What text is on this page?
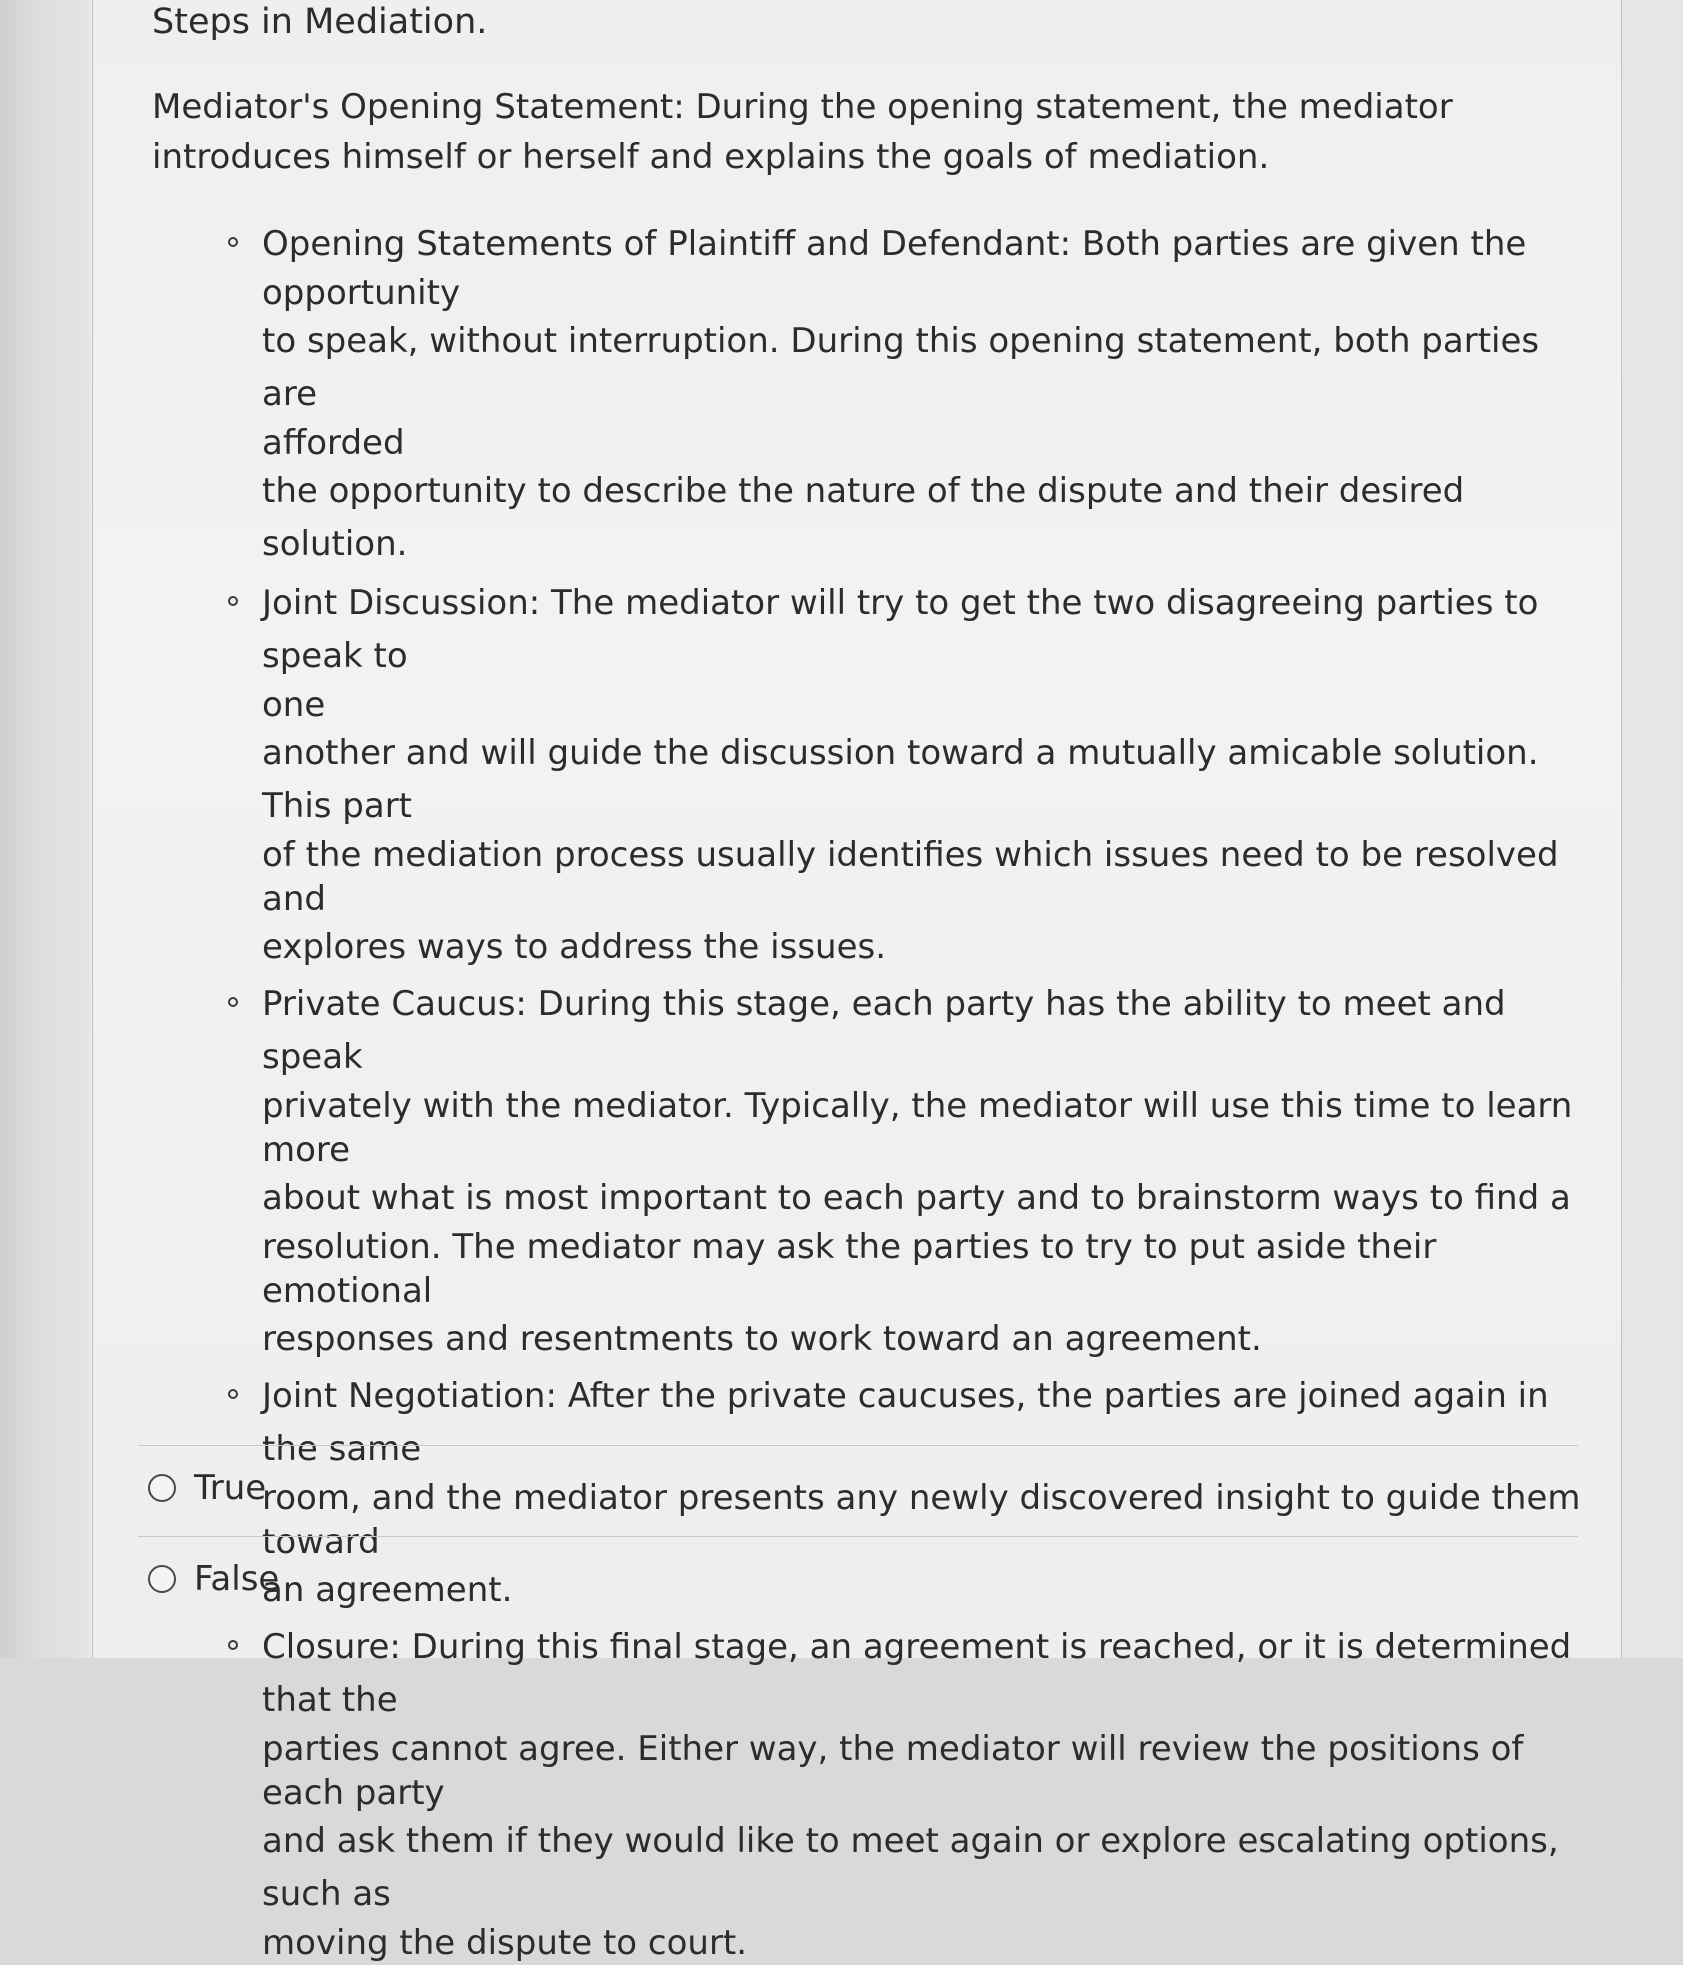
Steps in Mediation.

Mediator's Opening Statement: During the opening statement, the mediator introduces himself or herself and explains the goals of mediation.

Opening Statements of Plaintiff and Defendant: Both parties are given the
opportunity
to speak, without interruption. During this opening statement, both parties are
afforded
the opportunity to describe the nature of the dispute and their desired solution.
Joint Discussion: The mediator will try to get the two disagreeing parties to speak to
one
another and will guide the discussion toward a mutually amicable solution. This part
of the mediation process usually identifies which issues need to be resolved and
explores ways to address the issues.
Private Caucus: During this stage, each party has the ability to meet and speak
privately with the mediator. Typically, the mediator will use this time to learn more
about what is most important to each party and to brainstorm ways to find a
resolution. The mediator may ask the parties to try to put aside their emotional
responses and resentments to work toward an agreement.
Joint Negotiation: After the private caucuses, the parties are joined again in the same
room, and the mediator presents any newly discovered insight to guide them toward
an agreement.
Closure: During this final stage, an agreement is reached, or it is determined that the
parties cannot agree. Either way, the mediator will review the positions of each party
and ask them if they would like to meet again or explore escalating options, such as
moving the dispute to court.
True
False
